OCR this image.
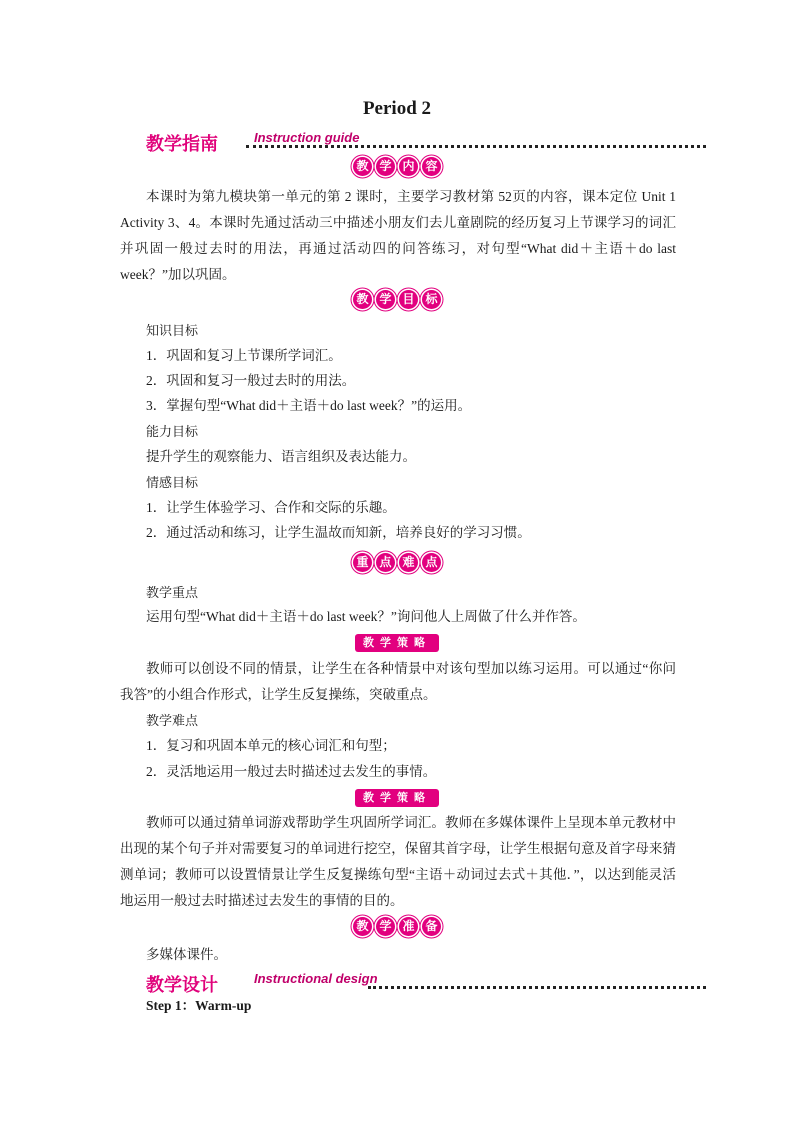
Period 2
教学指南	Instruction guide
教 学 内 容
本课时为第九模块第一单元的第 2 课时，主要学习教材第 52页的内容，课本定位 Unit 1 Activity 3、4。本课时先通过活动三中描述小朋友们去儿童剧院的经历复习上节课学习的词汇并巩固一般过去时的用法，再通过活动四的问答练习，对句型“What did＋主语＋do last week？”加以巩固。
教 学 目 标
知识目标
1．巩固和复习上节课所学词汇。
2．巩固和复习一般过去时的用法。
3．掌握句型“What did＋主语＋do last week？”的运用。
能力目标
提升学生的观察能力、语言组织及表达能力。
情感目标
1．让学生体验学习、合作和交际的乐趣。
2．通过活动和练习，让学生温故而知新，培养良好的学习习惯。
重 点 难 点
教学重点
运用句型“What did＋主语＋do last week？”询问他人上周做了什么并作答。
教学策略
教师可以创设不同的情景，让学生在各种情景中对该句型加以练习运用。可以通过“你问我答”的小组合作形式，让学生反复操练，突破重点。
教学难点
1．复习和巩固本单元的核心词汇和句型；
2．灵活地运用一般过去时描述过去发生的事情。
教学策略
教师可以通过猜单词游戏帮助学生巩固所学词汇。教师在多媒体课件上呈现本单元教材中出现的某个句子并对需要复习的单词进行挖空，保留其首字母，让学生根据句意及首字母来猜测单词；教师可以设置情景让学生反复操练句型“主语＋动词过去式＋其他．”，以达到能灵活地运用一般过去时描述过去发生的事情的目的。
教 学 准 备
多媒体课件。
教学设计	Instructional design
Step 1：Warm-up
